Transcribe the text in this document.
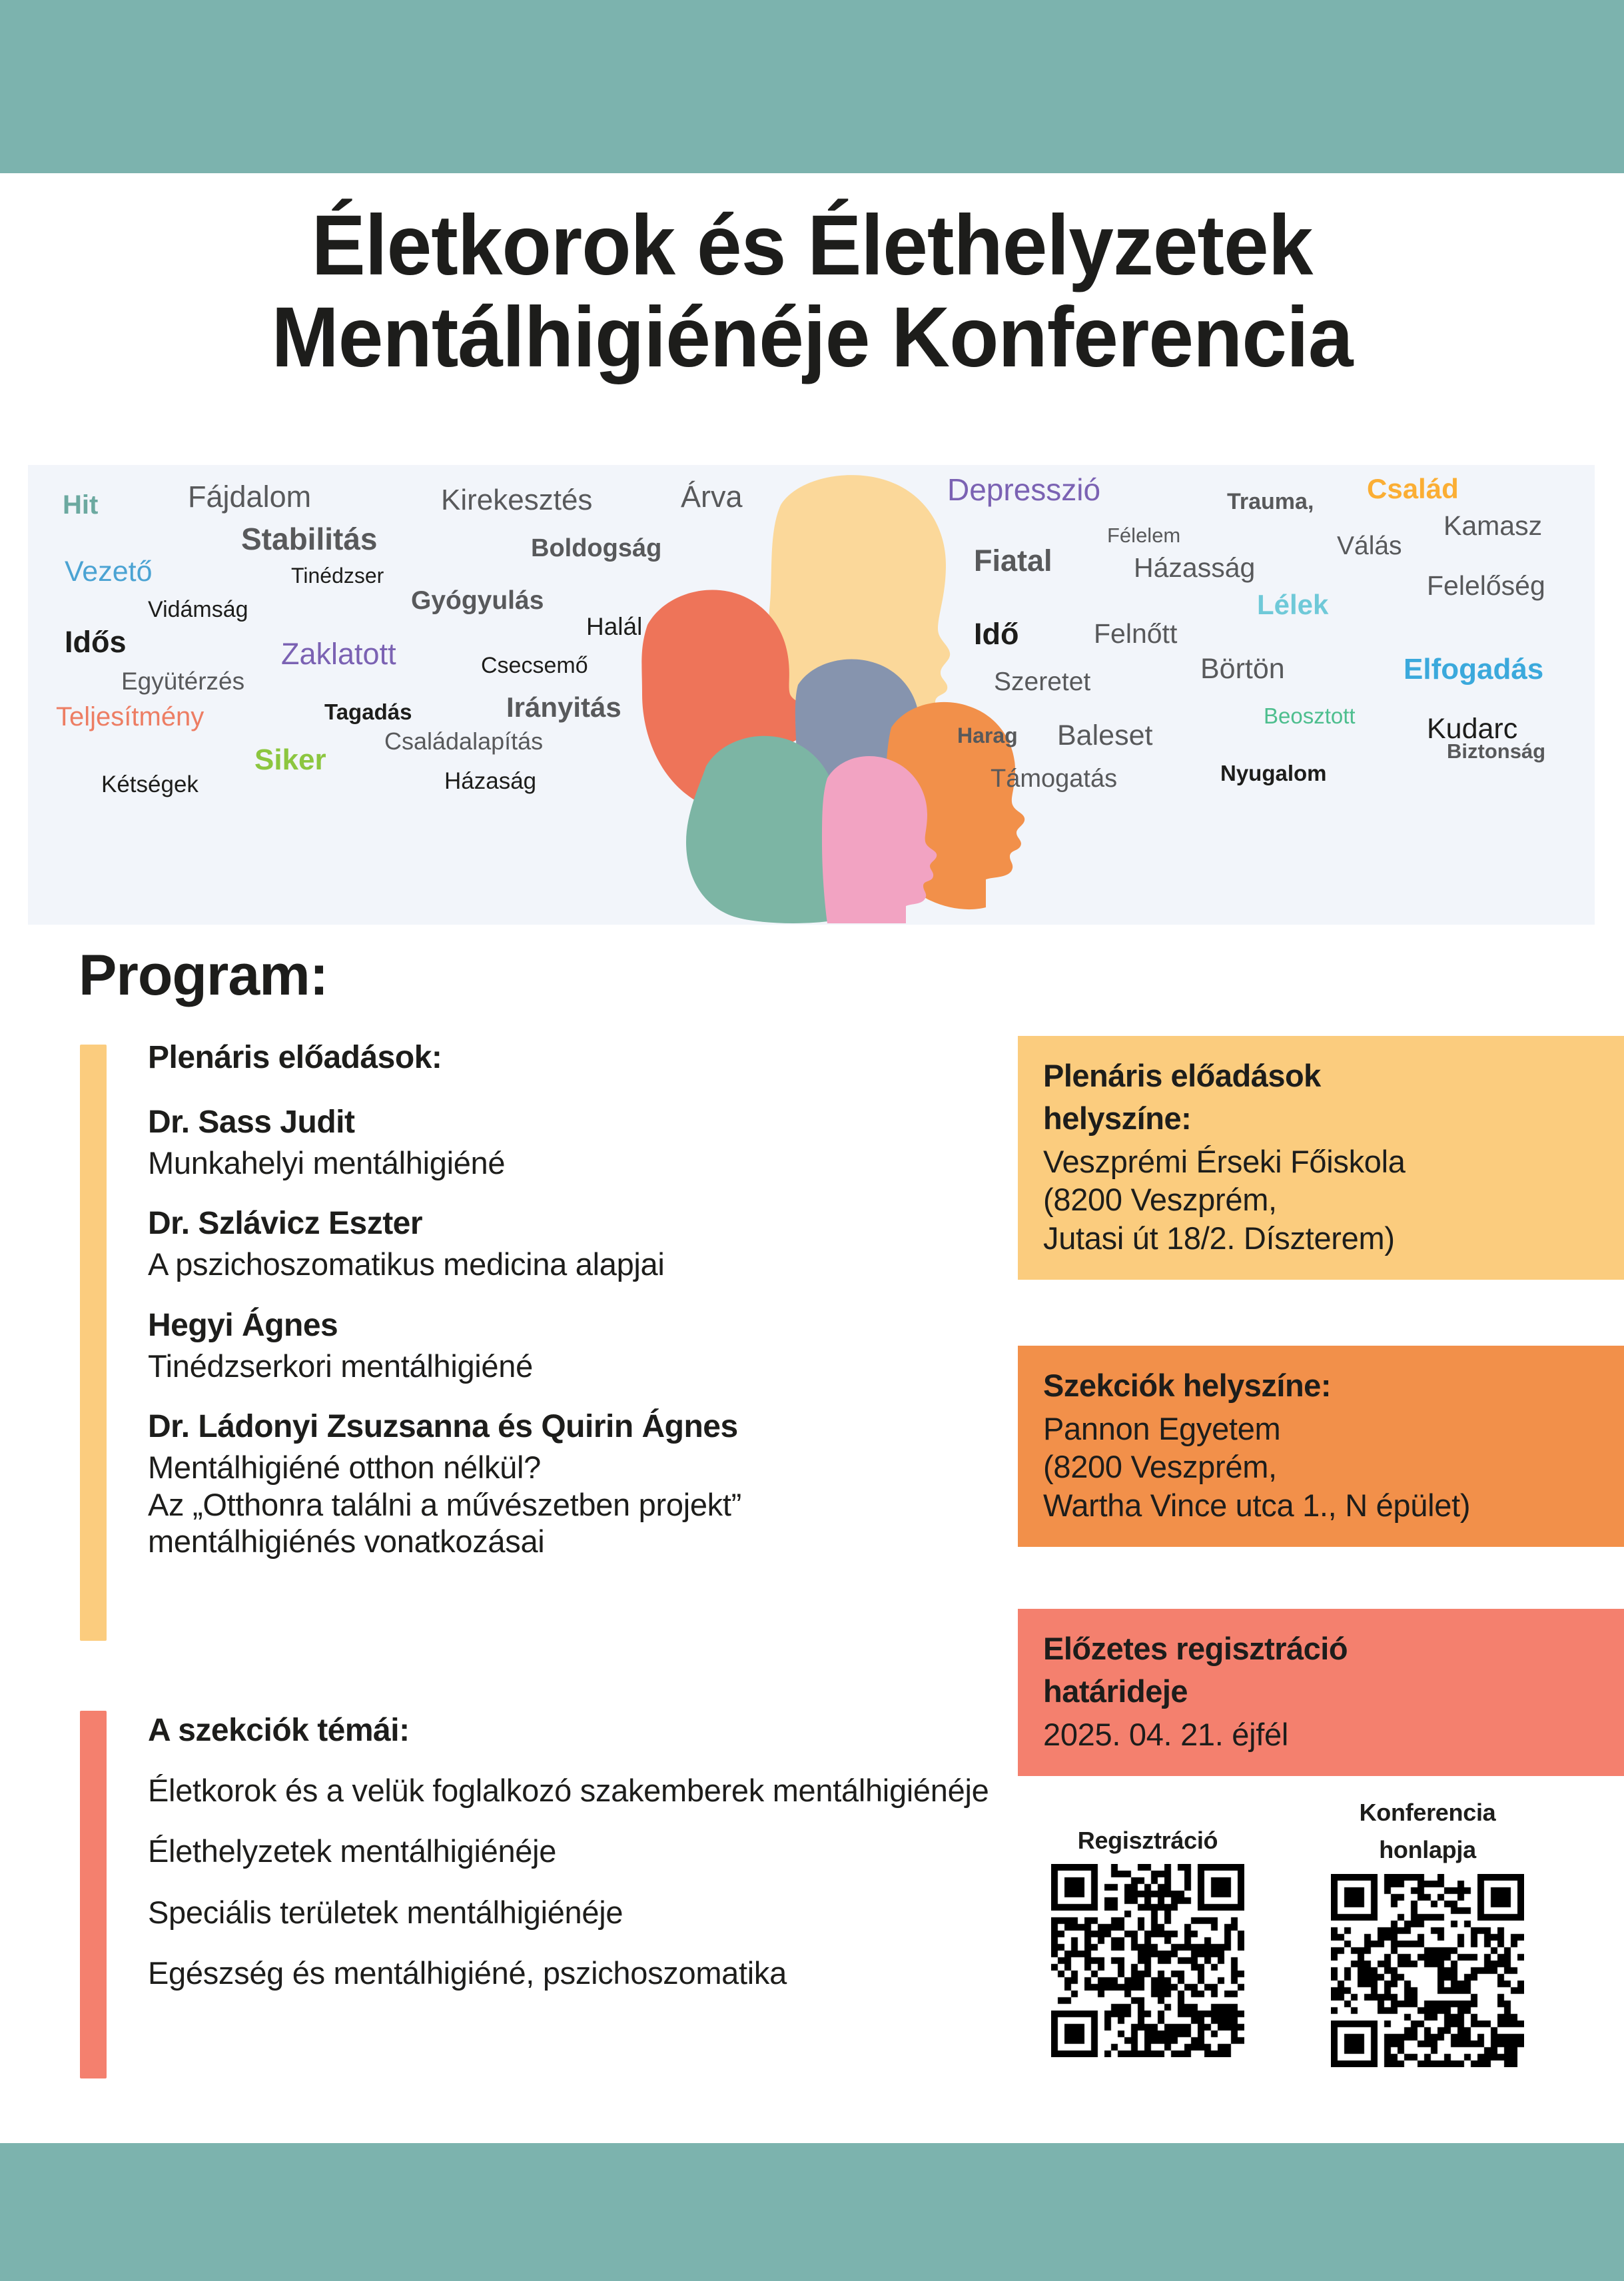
Életkorok és Élethelyzetek
Mentálhigiénéje Konferencia
Hit	Fájdalom	Kirekesztés	Árva	Depresszió	Trauma, Család
Stabilitás	Félelem	Kamasz
Boldogság	Fiatal	Válás
Vezető	Tinédzser	Házasság
Vidámság	Gyógyulás	Felelőség
Lélek
Idős	Halál	Idő	Felnőtt
Zaklatott	Csecsemő	Börtön	Elfogadás
Szeretet
Együtérzés
Beosztott
Tagadás	Irányitás
Kudarc
Teljesítmény
Harag Baleset
Családalapítás	Biztonság
Siker
Kétségek	Házaság	Nyugalom
Támogatás
Program:
Plenáris előadások:
Dr. Sass Judit
Munkahelyi mentálhigiéné
Dr. Szlávicz Eszter
A pszichoszomatikus medicina alapjai
Hegyi Ágnes
Tinédzserkori mentálhigiéné
Dr. Ládonyi Zsuzsanna és Quirin Ágnes
Mentálhigiéné otthon nélkül?
Az „Otthonra találni a művészetben projekt”
mentálhigiénés vonatkozásai
A szekciók témái:
Életkorok és a velük foglalkozó szakemberek mentálhigiénéje
Élethelyzetek mentálhigiénéje
Speciális területek mentálhigiénéje
Egészség és mentálhigiéné, pszichoszomatika
Plenáris előadások
helyszíne:
Veszprémi Érseki Főiskola
(8200 Veszprém,
Jutasi út 18/2. Díszterem)
Szekciók helyszíne:
Pannon Egyetem
(8200 Veszprém,
Wartha Vince utca 1., N épület)
Előzetes regisztráció
határideje
2025. 04. 21. éjfél
Regisztráció
Konferencia
honlapja
